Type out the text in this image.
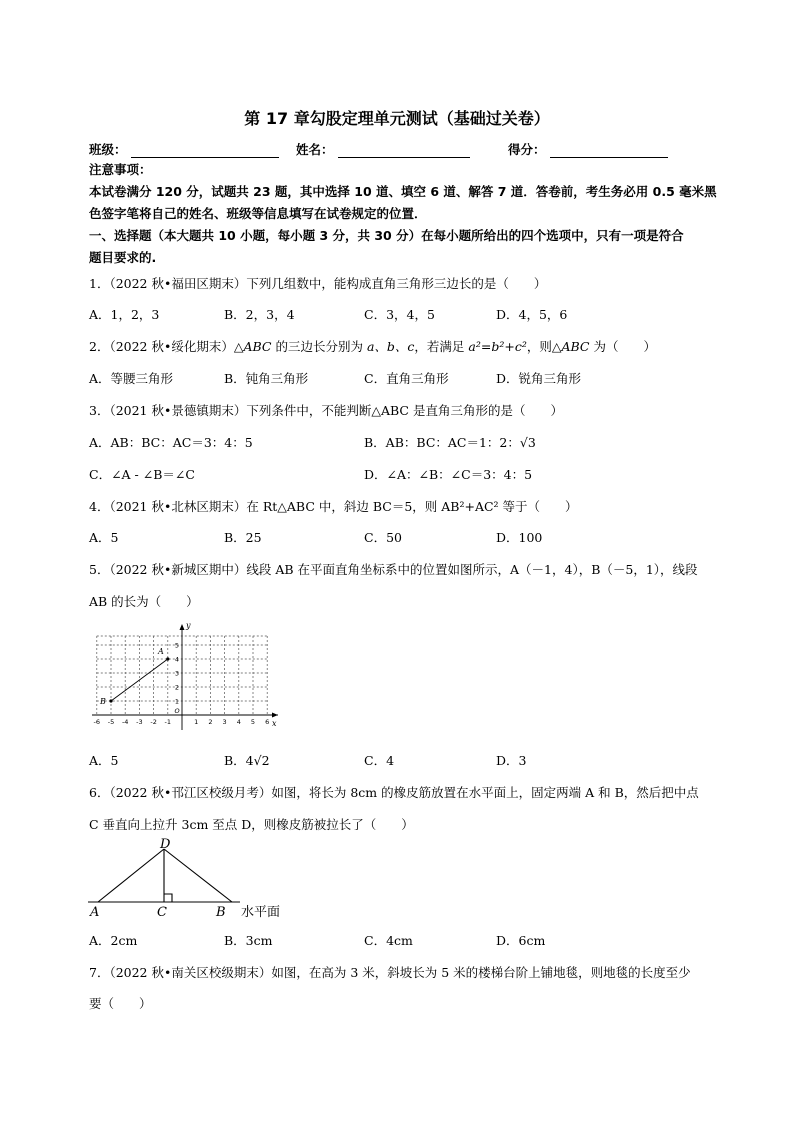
第 17 章勾股定理单元测试（基础过关卷）
班级：	姓名：	得分：
注意事项：
本试卷满分 120 分，试题共 23 题，其中选择 10 道、填空 6 道、解答 7 道．答卷前，考生务必用 0.5 毫米黑
色签字笔将自己的姓名、班级等信息填写在试卷规定的位置．
一、选择题（本大题共 10 小题，每小题 3 分，共 30 分）在每小题所给出的四个选项中，只有一项是符合
题目要求的.
1．（2022 秋•福田区期末）下列几组数中，能构成直角三角形三边长的是（　　）
A．1，2，3	B．2，3，4	C．3，4，5	D．4，5，6
2．（2022 秋•绥化期末）△ABC 的三边长分别为 a、b、c，若满足 a²=b²+c²，则△ABC 为（　　）
A．等腰三角形	B．钝角三角形	C．直角三角形	D．锐角三角形
3．（2021 秋•景德镇期末）下列条件中，不能判断△ABC 是直角三角形的是（　　）
A．AB：BC：AC＝3：4：5	B．AB：BC：AC＝1：2：√3
C．∠A - ∠B＝∠C	D．∠A：∠B：∠C＝3：4：5
4．（2021 秋•北林区期末）在 Rt△ABC 中，斜边 BC＝5，则 AB²+AC² 等于（　　）
A．5	B．25	C．50	D．100
5．（2022 秋•新城区期中）线段 AB 在平面直角坐标系中的位置如图所示，A（－1，4），B（－5，1），线段
AB 的长为（　　）
A
B
x
y
-6 -5 -4 -3 -2 -1
O
1 2 3 4 5 6
1
2
3
4
5
A．5	B．4√2	C．4	D．3
6．（2022 秋•邗江区校级月考）如图，将长为 8cm 的橡皮筋放置在水平面上，固定两端 A 和 B，然后把中点
C 垂直向上拉升 3cm 至点 D，则橡皮筋被拉长了（　　）
D
A	C	B 水平面
A．2cm	B．3cm	C．4cm	D．6cm
7．（2022 秋•南关区校级期末）如图，在高为 3 米，斜坡长为 5 米的楼梯台阶上铺地毯，则地毯的长度至少
要（　　）
